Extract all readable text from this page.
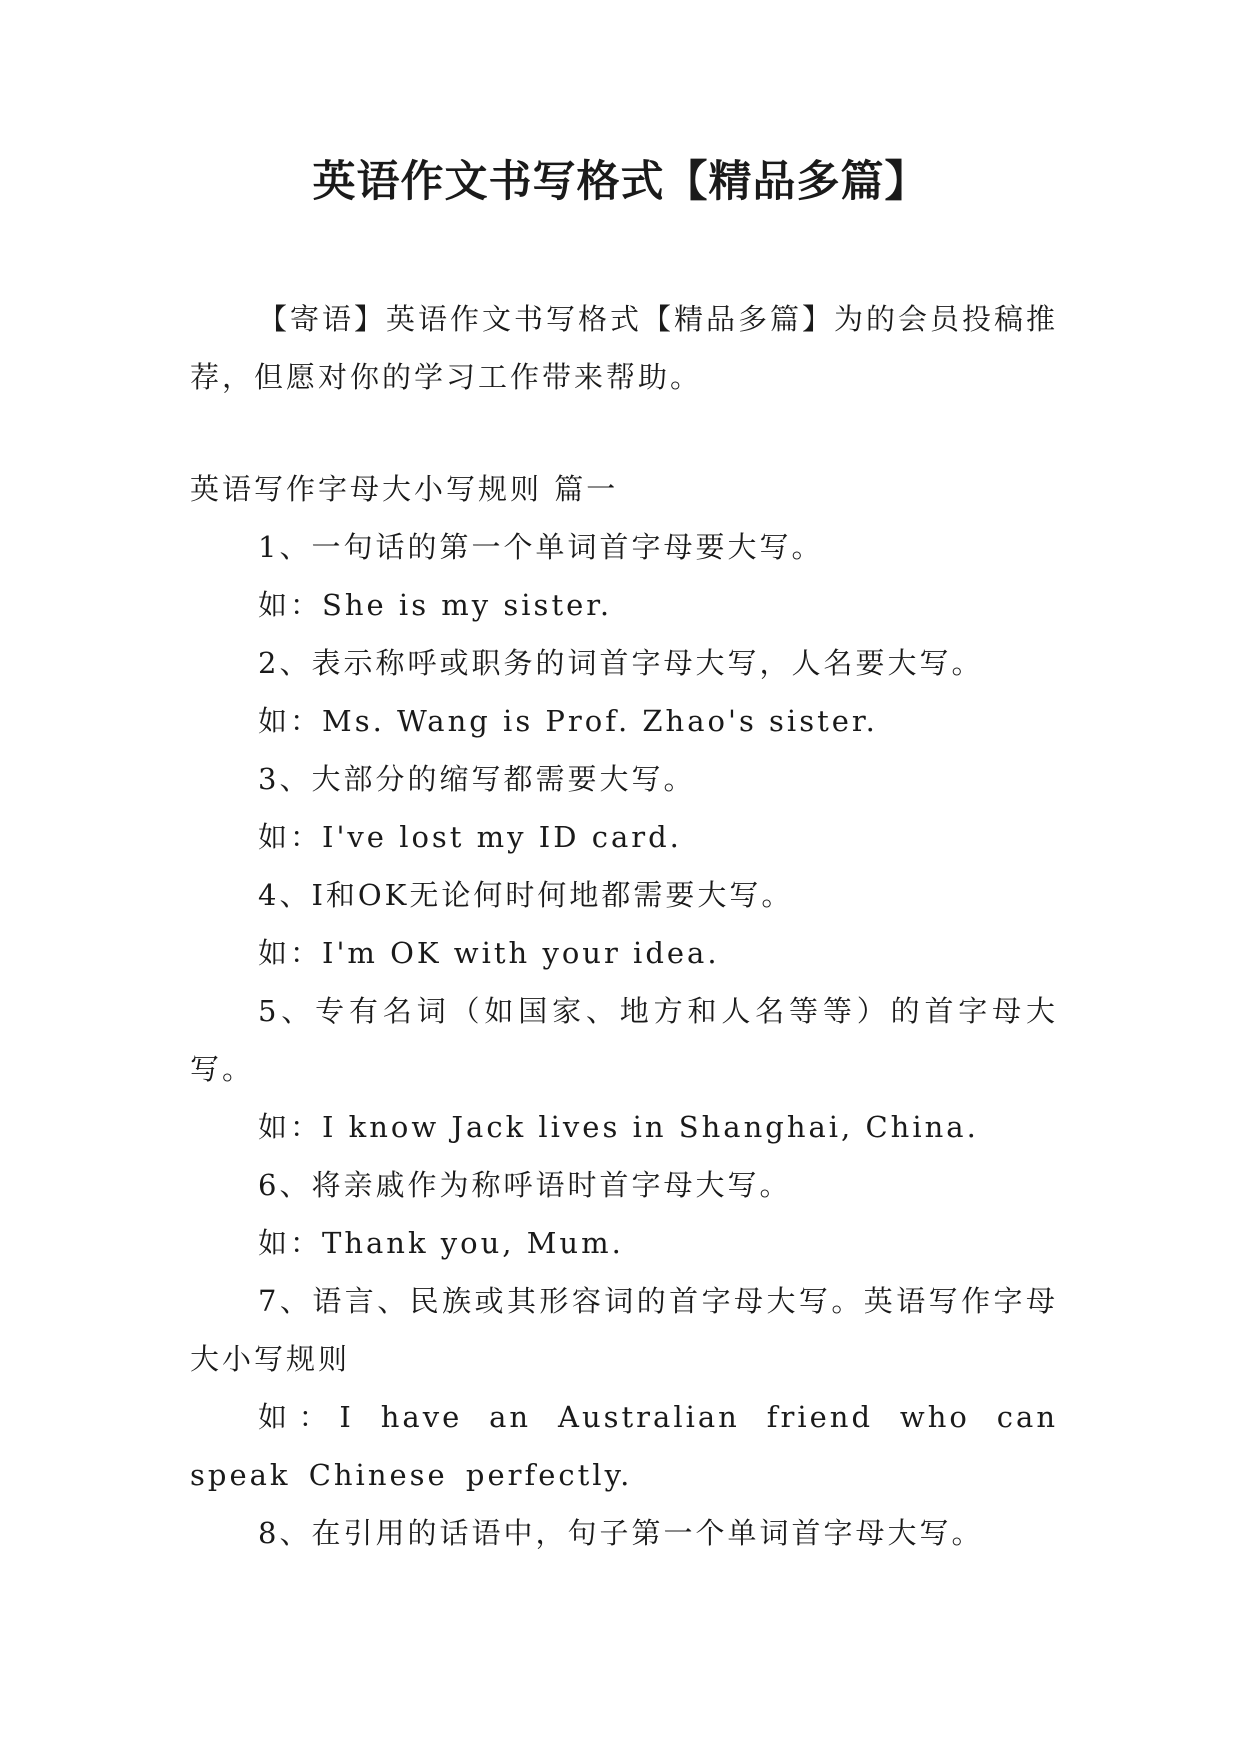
英语作文书写格式【精品多篇】

【寄语】英语作文书写格式【精品多篇】为的会员投稿推荐，但愿对你的学习工作带来帮助。

英语写作字母大小写规则 篇一

1、一句话的第一个单词首字母要大写。

如：She is my sister.

2、表示称呼或职务的词首字母大写，人名要大写。

如：Ms. Wang is Prof. Zhao's sister.

3、大部分的缩写都需要大写。

如：I've lost my ID card.

4、I和OK无论何时何地都需要大写。

如：I'm OK with your idea.

5、专有名词（如国家、地方和人名等等）的首字母大写。

如：I know Jack lives in Shanghai, China.

6、将亲戚作为称呼语时首字母大写。

如：Thank you, Mum.

7、语言、民族或其形容词的首字母大写。英语写作字母大小写规则

如：I have an Australian friend who can speak Chinese perfectly.

8、在引用的话语中，句子第一个单词首字母大写。
